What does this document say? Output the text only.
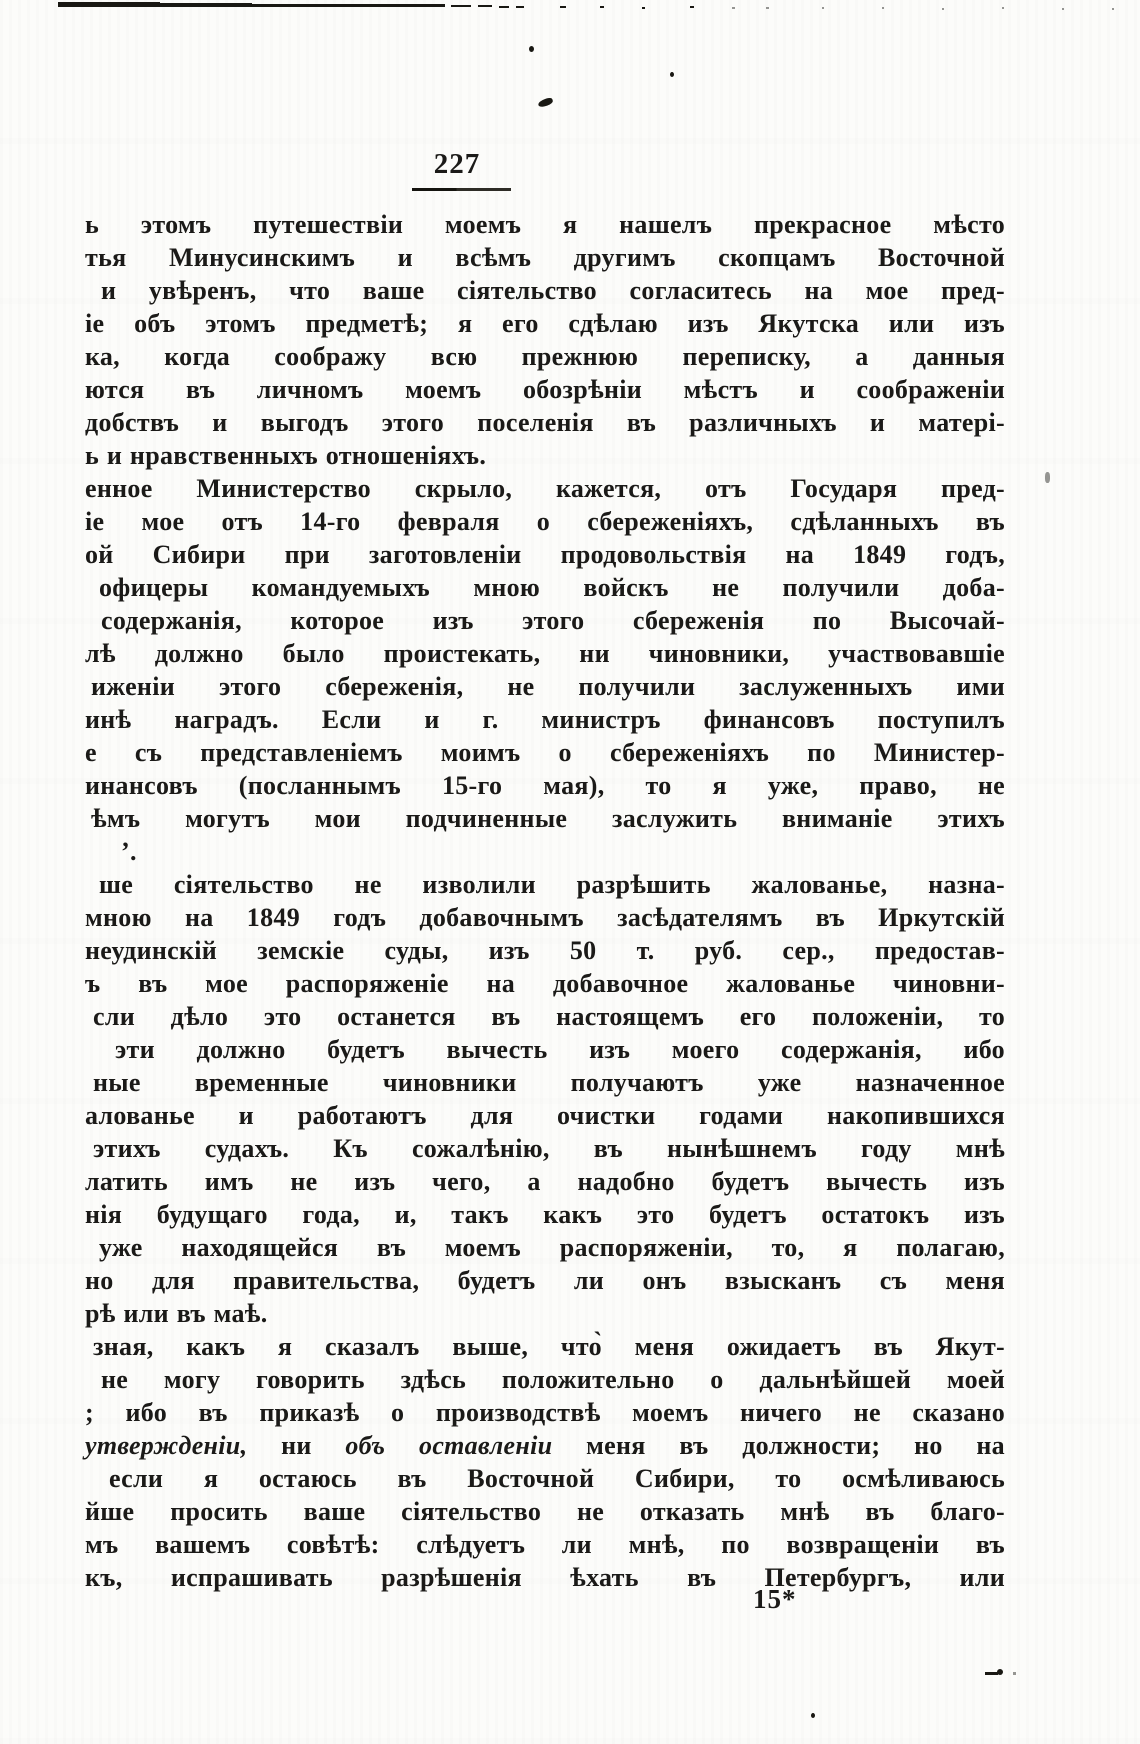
227
ь этомъ путешествіи моемъ я нашелъ прекрасное мѣсто
тья Минусинскимъ и всѣмъ другимъ скопцамъ Восточной
и увѣренъ, что ваше сіятельство согласитесь на мое пред-
іе объ этомъ предметѣ; я его сдѣлаю изъ Якутска или изъ
ка, когда соображу всю прежнюю переписку, а данныя
ются въ личномъ моемъ обозрѣніи мѣстъ и соображеніи
добствъ и выгодъ этого поселенія въ различныхъ и матері-
ь и нравственныхъ отношеніяхъ.
енное Министерство скрыло, кажется, отъ Государя пред-
іе мое отъ 14-го февраля о сбереженіяхъ, сдѣланныхъ въ
ой Сибири при заготовленіи продовольствія на 1849 годъ,
офицеры командуемыхъ мною войскъ не получили доба-
содержанія, которое изъ этого сбереженія по Высочай-
лѣ должно было проистекать, ни чиновники, участвовавшіе
иженіи этого сбереженія, не получили заслуженныхъ ими
инѣ наградъ. Если и г. министръ финансовъ поступилъ
е съ представленіемъ моимъ о сбереженіяхъ по Министер-
инансовъ (посланнымъ 15-го мая), то я уже, право, не
ѣмъ могутъ мои подчиненные заслужить вниманіе этихъ
’.
ше сіятельство не изволили разрѣшить жалованье, назна-
мною на 1849 годъ добавочнымъ засѣдателямъ въ Иркутскій
неудинскій земскіе суды, изъ 50 т. руб. сер., предостав-
ъ въ мое распоряженіе на добавочное жалованье чиновни-
сли дѣло это останется въ настоящемъ его положеніи, то
эти должно будетъ вычесть изъ моего содержанія, ибо
ные временные чиновники получаютъ уже назначенное
алованье и работаютъ для очистки годами накопившихся
этихъ судахъ. Къ сожалѣнію, въ нынѣшнемъ году мнѣ
латить имъ не изъ чего, а надобно будетъ вычесть изъ
нія будущаго года, и, такъ какъ это будетъ остатокъ изъ
уже находящейся въ моемъ распоряженіи, то, я полагаю,
но для правительства, будетъ ли онъ взысканъ съ меня
рѣ или въ маѣ.
зная, какъ я сказалъ выше, что̀ меня ожидаетъ въ Якут-
не могу говорить здѣсь положительно о дальнѣйшей моей
; ибо въ приказѣ о производствѣ моемъ ничего не сказано
утвержденіи, ни объ оставленіи меня въ должности; но на
если я остаюсь въ Восточной Сибири, то осмѣливаюсь
йше просить ваше сіятельство не отказать мнѣ въ благо-
мъ вашемъ совѣтѣ: слѣдуетъ ли мнѣ, по возвращеніи въ
къ, испрашивать разрѣшенія ѣхать въ Петербургъ, или
15*
